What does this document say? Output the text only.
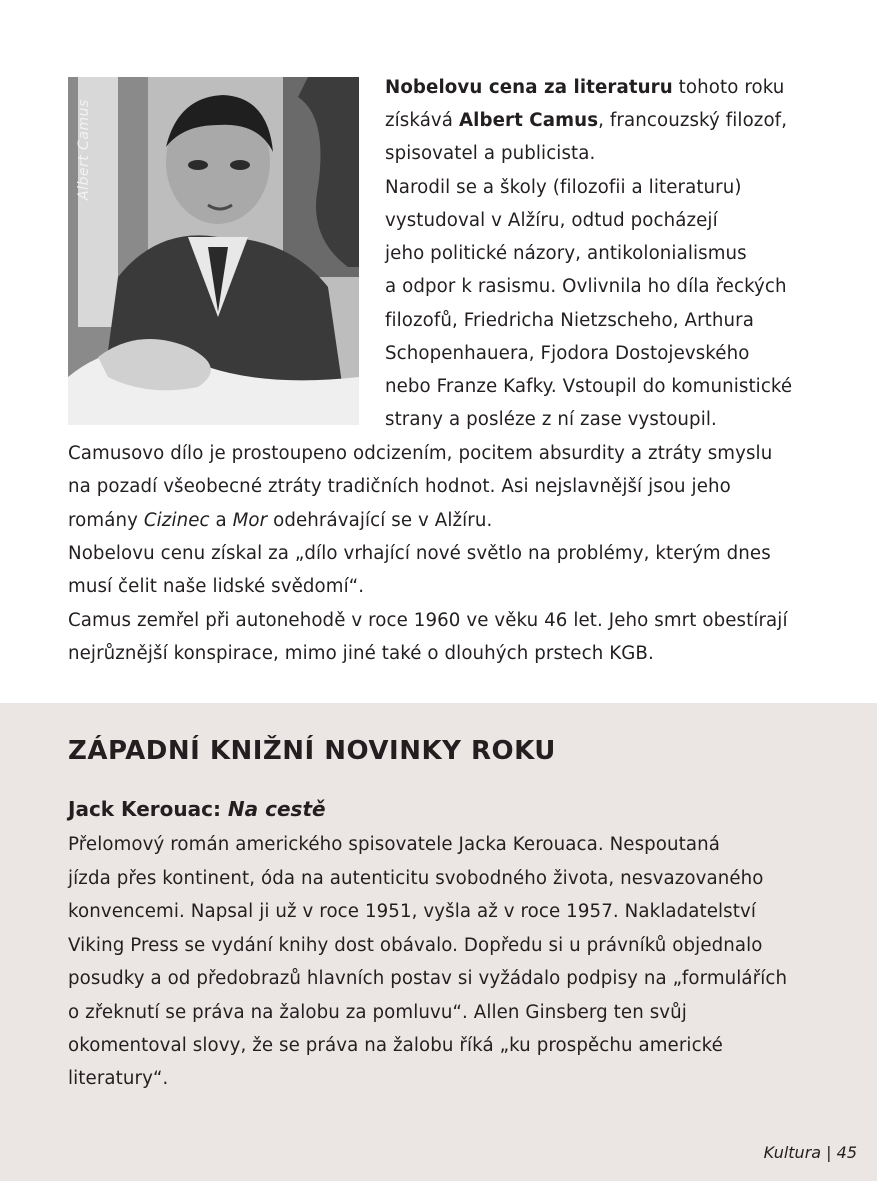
Albert Camus
Nobelovu cena za literaturu tohoto roku
získává Albert Camus, francouzský filozof,
spisovatel a publicista.
Narodil se a školy (filozofii a literaturu)
vystudoval v Alžíru, odtud pocházejí
jeho politické názory, antikolonialismus
a odpor k rasismu. Ovlivnila ho díla řeckých
filozofů, Friedricha Nietzscheho, Arthura
Schopenhauera, Fjodora Dostojevského
nebo Franze Kafky. Vstoupil do komunistické
strany a posléze z ní zase vystoupil.
Camusovo dílo je prostoupeno odcizením, pocitem absurdity a ztráty smyslu
na pozadí všeobecné ztráty tradičních hodnot. Asi nejslavnější jsou jeho
romány Cizinec a Mor odehrávající se v Alžíru.
Nobelovu cenu získal za „dílo vrhající nové světlo na problémy, kterým dnes
musí čelit naše lidské svědomí“.
Camus zemřel při autonehodě v roce 1960 ve věku 46 let. Jeho smrt obestírají
nejrůznější konspirace, mimo jiné také o dlouhých prstech KGB.
ZÁPADNÍ KNIŽNÍ NOVINKY ROKU
Jack Kerouac: Na cestě
Přelomový román amerického spisovatele Jacka Kerouaca. Nespoutaná
jízda přes kontinent, óda na autenticitu svobodného života, nesvazovaného
konvencemi. Napsal ji už v roce 1951, vyšla až v roce 1957. Nakladatelství
Viking Press se vydání knihy dost obávalo. Dopředu si u právníků objednalo
posudky a od předobrazů hlavních postav si vyžádalo podpisy na „formulářích
o zřeknutí se práva na žalobu za pomluvu“. Allen Ginsberg ten svůj
okomentoval slovy, že se práva na žalobu říká „ku prospěchu americké
literatury“.
Kultura | 45
